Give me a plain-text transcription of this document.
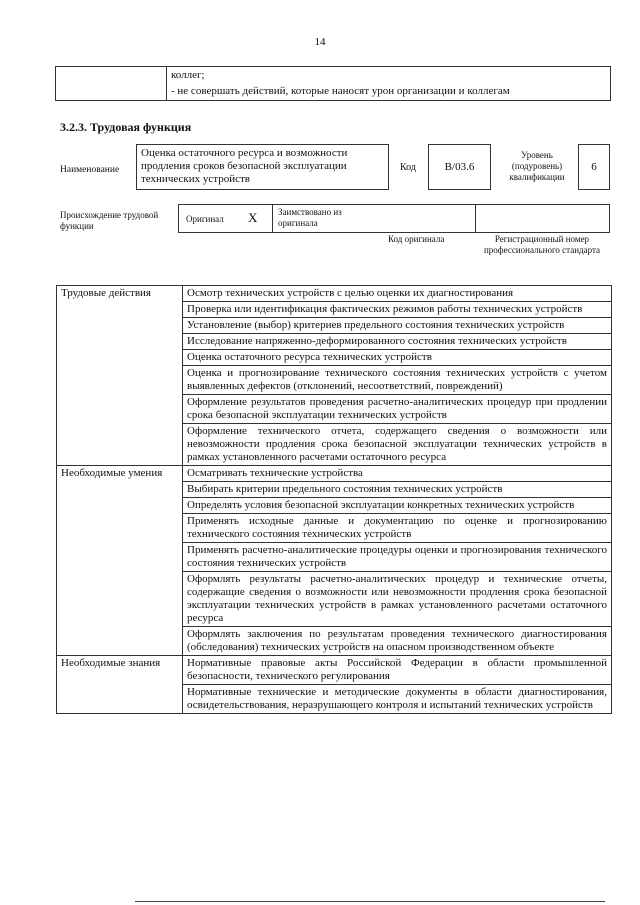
14
коллег;
- не совершать действий, которые наносят урон организации и коллегам
3.2.3. Трудовая функция
Наименование
Оценка остаточного ресурса и возможности продления сроков безопасной эксплуатации технических устройств
Код	B/03.6
Уровень (подуровень) квалификации
6
Происхождение трудовой функции
Оригинал X Заимствовано из оригинала
Код оригинала	Регистрационный номер профессионального стандарта
Трудовые действия	Осмотр технических устройств с целью оценки их диагностирования
	Проверка или идентификация фактических режимов работы технических устройств
	Установление (выбор) критериев предельного состояния технических устройств
	Исследование напряженно-деформированного состояния технических устройств
	Оценка остаточного ресурса технических устройств
	Оценка и прогнозирование технического состояния технических устройств с учетом выявленных дефектов (отклонений, несоответствий, повреждений)
	Оформление результатов проведения расчетно-аналитических процедур при продлении срока безопасной эксплуатации технических устройств
	Оформление технического отчета, содержащего сведения о возможности или невозможности продления срока безопасной эксплуатации технических устройств в рамках установленного расчетами остаточного ресурса
Необходимые умения	Осматривать технические устройства
	Выбирать критерии предельного состояния технических устройств
	Определять условия безопасной эксплуатации конкретных технических устройств
	Применять исходные данные и документацию по оценке и прогнозированию технического состояния технических устройств
	Применять расчетно-аналитические процедуры оценки и прогнозирования технического состояния технических устройств
	Оформлять результаты расчетно-аналитических процедур и технические отчеты, содержащие сведения о возможности или невозможности продления срока безопасной эксплуатации технических устройств в рамках установленного расчетами остаточного ресурса
	Оформлять заключения по результатам проведения технического диагностирования (обследования) технических устройств на опасном производственном объекте
Необходимые знания	Нормативные правовые акты Российской Федерации в области промышленной безопасности, технического регулирования
	Нормативные технические и методические документы в области диагностирования, освидетельствования, неразрушающего контроля и испытаний технических устройств
